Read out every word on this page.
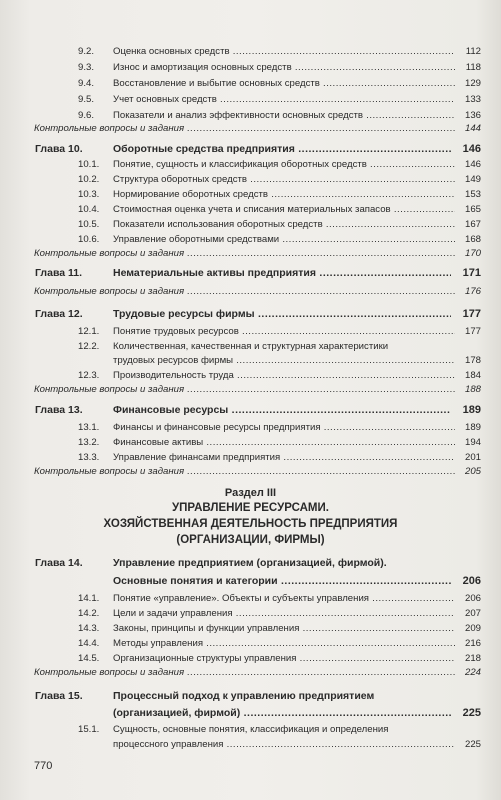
9.2. Оценка основных средств .....	112
9.3. Износ и амортизация основных средств .....	118
9.4. Восстановление и выбытие основных средств .....	129
9.5. Учет основных средств .....	133
9.6. Показатели и анализ эффективности основных средств .....	136
Контрольные вопросы и задания .....	144
Глава 10.	Оборотные средства предприятия .....	146
10.1. Понятие, сущность и классификация оборотных средств .....	146
10.2. Структура оборотных средств .....	149
10.3. Нормирование оборотных средств .....	153
10.4. Стоимостная оценка учета и списания материальных запасов .....	165
10.5. Показатели использования оборотных средств .....	167
10.6. Управление оборотными средствами .....	168
Контрольные вопросы и задания .....	170
Глава 11.	Нематериальные активы предприятия .....	171
Контрольные вопросы и задания .....	176
Глава 12.	Трудовые ресурсы фирмы .....	177
12.1. Понятие трудовых ресурсов .....	177
12.2. Количественная, качественная и структурная характеристики
трудовых ресурсов фирмы .....	178
12.3. Производительность труда .....	184
Контрольные вопросы и задания .....	188
Глава 13.	Финансовые ресурсы .....	189
13.1. Финансы и финансовые ресурсы предприятия .....	189
13.2. Финансовые активы .....	194
13.3. Управление финансами предприятия .....	201
Контрольные вопросы и задания .....	205
Раздел III
УПРАВЛЕНИЕ РЕСУРСАМИ.
ХОЗЯЙСТВЕННАЯ ДЕЯТЕЛЬНОСТЬ ПРЕДПРИЯТИЯ
(ОРГАНИЗАЦИИ, ФИРМЫ)
Глава 14.	Управление предприятием (организацией, фирмой).
Основные понятия и категории .....	206
14.1. Понятие «управление». Объекты и субъекты управления .....	206
14.2. Цели и задачи управления .....	207
14.3. Законы, принципы и функции управления .....	209
14.4. Методы управления .....	216
14.5. Организационные структуры управления .....	218
Контрольные вопросы и задания .....	224
Глава 15.	Процессный подход к управлению предприятием
(организацией, фирмой) .....	225
15.1. Сущность, основные понятия, классификация и определения
процессного управления .....	225
770
